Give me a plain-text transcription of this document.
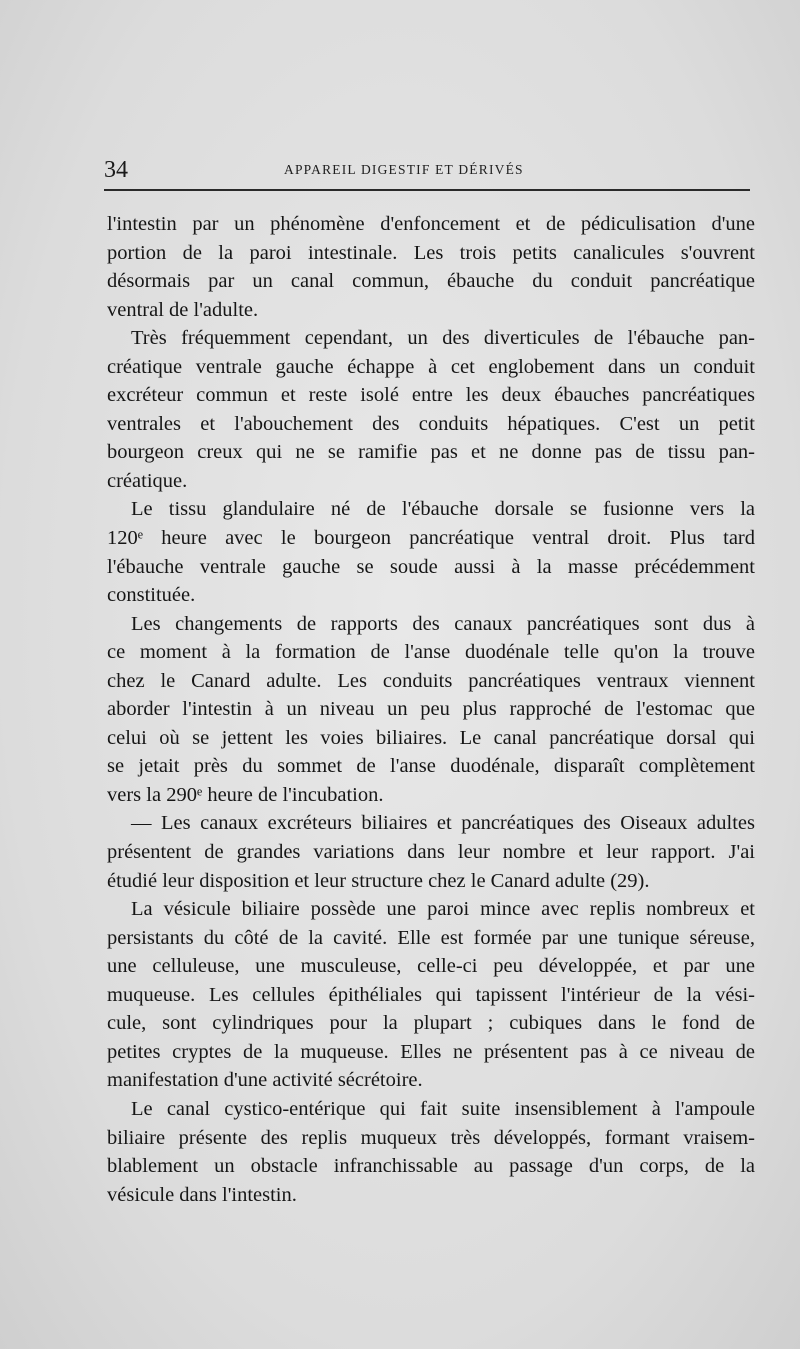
34	APPAREIL DIGESTIF ET DÉRIVÉS
l'intestin par un phénomène d'enfoncement et de pédiculisation d'une
portion de la paroi intestinale. Les trois petits canalicules s'ouvrent
désormais par un canal commun, ébauche du conduit pancréatique
ventral de l'adulte.
Très fréquemment cependant, un des diverticules de l'ébauche pan-
créatique ventrale gauche échappe à cet englobement dans un conduit
excréteur commun et reste isolé entre les deux ébauches pancréatiques
ventrales et l'abouchement des conduits hépatiques. C'est un petit
bourgeon creux qui ne se ramifie pas et ne donne pas de tissu pan-
créatique.
Le tissu glandulaire né de l'ébauche dorsale se fusionne vers la
120ᵉ heure avec le bourgeon pancréatique ventral droit. Plus tard
l'ébauche ventrale gauche se soude aussi à la masse précédemment
constituée.
Les changements de rapports des canaux pancréatiques sont dus à
ce moment à la formation de l'anse duodénale telle qu'on la trouve
chez le Canard adulte. Les conduits pancréatiques ventraux viennent
aborder l'intestin à un niveau un peu plus rapproché de l'estomac que
celui où se jettent les voies biliaires. Le canal pancréatique dorsal qui
se jetait près du sommet de l'anse duodénale, disparaît complètement
vers la 290ᵉ heure de l'incubation.
— Les canaux excréteurs biliaires et pancréatiques des Oiseaux adultes
présentent de grandes variations dans leur nombre et leur rapport. J'ai
étudié leur disposition et leur structure chez le Canard adulte (29).
La vésicule biliaire possède une paroi mince avec replis nombreux et
persistants du côté de la cavité. Elle est formée par une tunique séreuse,
une celluleuse, une musculeuse, celle-ci peu développée, et par une
muqueuse. Les cellules épithéliales qui tapissent l'intérieur de la vési-
cule, sont cylindriques pour la plupart ; cubiques dans le fond de
petites cryptes de la muqueuse. Elles ne présentent pas à ce niveau de
manifestation d'une activité sécrétoire.
Le canal cystico-entérique qui fait suite insensiblement à l'ampoule
biliaire présente des replis muqueux très développés, formant vraisem-
blablement un obstacle infranchissable au passage d'un corps, de la
vésicule dans l'intestin.
